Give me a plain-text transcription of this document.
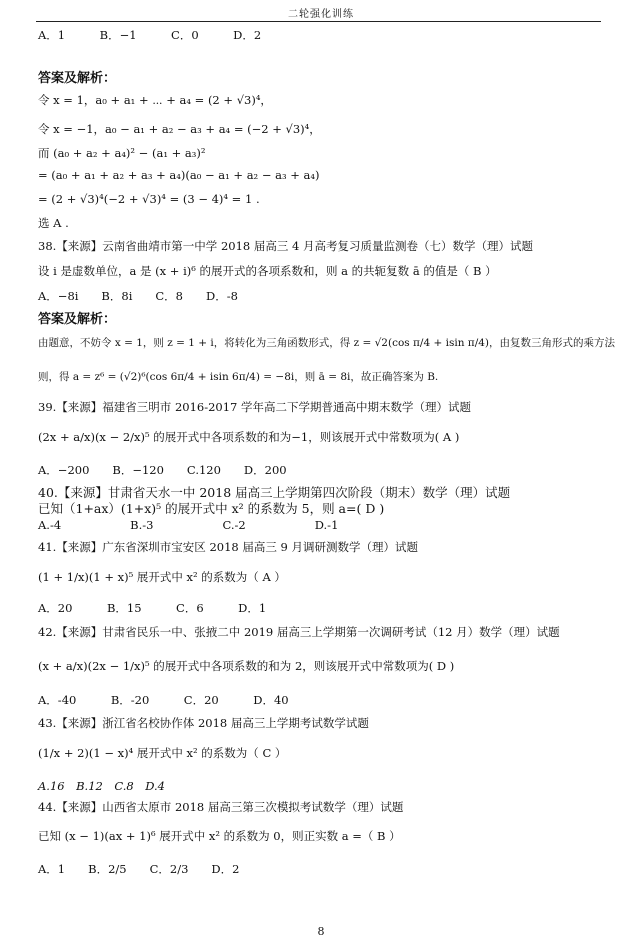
二轮强化训练
A．1　　　B．−1　　　C．0　　　D．2
答案及解析：
令 x = 1，a₀ + a₁ + ⋯ + a₄ = (2 + √3)⁴，
令 x = −1，a₀ − a₁ + a₂ − a₃ + a₄ = (−2 + √3)⁴，
而 (a₀ + a₂ + a₄)² − (a₁ + a₃)²
= (a₀ + a₁ + a₂ + a₃ + a₄)(a₀ − a₁ + a₂ − a₃ + a₄)
= (2 + √3)⁴(−2 + √3)⁴ = (3 − 4)⁴ = 1 .
选 A .
38.【来源】云南省曲靖市第一中学 2018 届高三 4 月高考复习质量监测卷（七）数学（理）试题
设 i 是虚数单位，a 是 (x + i)⁶ 的展开式的各项系数和，则 a 的共轭复数 ā 的值是（ B ）
A．−8i　　B．8i　　C．8　　D．-8
答案及解析：
由题意，不妨令 x = 1，则 z = 1 + i，将转化为三角函数形式，得 z = √2(cos π/4 + isin π/4)，由复数三角形式的乘方法
则，得 a = z⁶ = (√2)⁶(cos 6π/4 + isin 6π/4) = −8i，则 ā = 8i，故正确答案为 B.
39.【来源】福建省三明市 2016-2017 学年高二下学期普通高中期末数学（理）试题
(2x + a/x)(x − 2/x)⁵ 的展开式中各项系数的和为−1，则该展开式中常数项为( A )
A．−200　　B．−120　　C.120　　D．200
40.【来源】甘肃省天水一中 2018 届高三上学期第四次阶段（期末）数学（理）试题
已知（1+ax）(1+x)⁵ 的展开式中 x² 的系数为 5，则 a=( D )
A.-4　　　　　　B.-3　　　　　　C.-2　　　　　　D.-1
41.【来源】广东省深圳市宝安区 2018 届高三 9 月调研测数学（理）试题
(1 + 1/x)(1 + x)⁵ 展开式中 x² 的系数为（ A ）
A．20　　　B．15　　　C．6　　　D．1
42.【来源】甘肃省民乐一中、张掖二中 2019 届高三上学期第一次调研考试（12 月）数学（理）试题
(x + a/x)(2x − 1/x)⁵ 的展开式中各项系数的和为 2，则该展开式中常数项为( D )
A．-40　　　B．-20　　　C．20　　　D．40
43.【来源】浙江省名校协作体 2018 届高三上学期考试数学试题
(1/x + 2)(1 − x)⁴ 展开式中 x² 的系数为（ C ）
A.16　B.12　C.8　D.4
44.【来源】山西省太原市 2018 届高三第三次模拟考试数学（理）试题
已知 (x − 1)(ax + 1)⁶ 展开式中 x² 的系数为 0，则正实数 a =（ B ）
A．1　　B．2/5　　C．2/3　　D．2
8
